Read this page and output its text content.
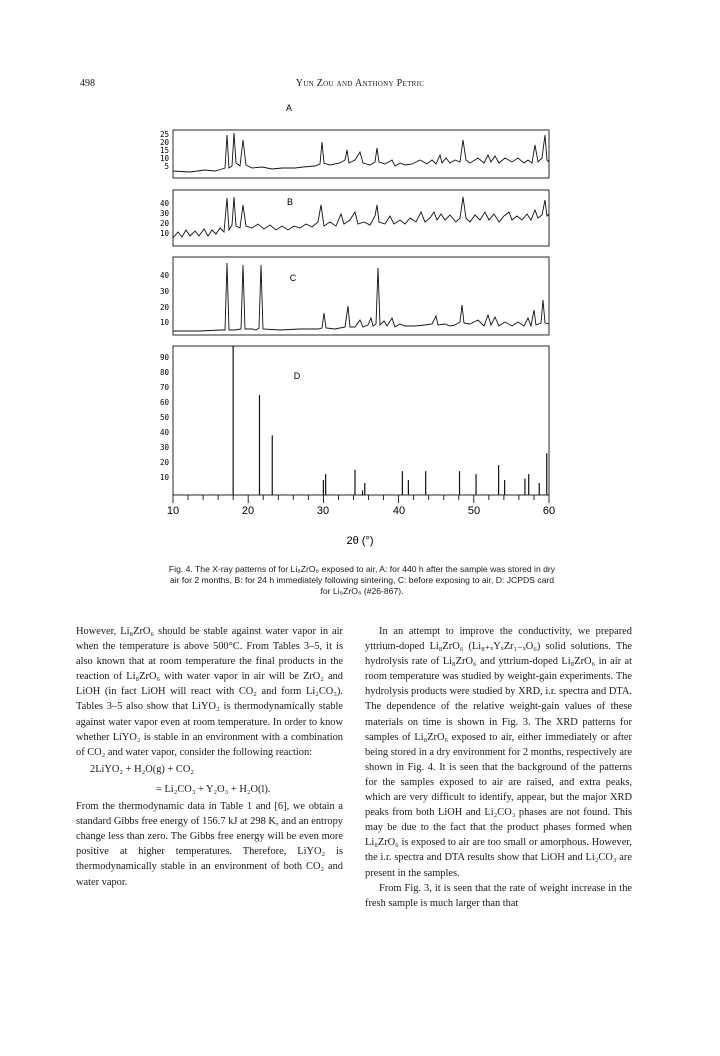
498	Yun Zou and Anthony Petric
A
25
20
15
10
5
B
40
30
20
10
C
40
30
20
10
D
90
80
70
60
50
40
30
20
10
10	20	30	40	50	60
2θ (°)
Fig. 4. The X-ray patterns of for Li₈ZrO₆ exposed to air, A: for 440 h after the sample was stored in dry
air for 2 months, B: for 24 h immediately following sintering, C: before exposing to air, D: JCPDS card
for Li₈ZrO₆ (#26-867).

However, Li₈ZrO₆ should be stable against water vapor in air when the temperature is above 500°C. From Tables 3–5, it is also known that at room temperature the final products in the reaction of Li₈ZrO₆ with water vapor in air will be ZrO₂ and LiOH (in fact LiOH will react with CO₂ and form Li₂CO₃). Tables 3–5 also show that LiYO₂ is thermodynamically stable against water vapor even at room temperature. In order to know whether LiYO₂ is stable in an environment with a combination of CO₂ and water vapor, consider the following reaction:

2LiYO₂ + H₂O(g) + CO₂
= Li₂CO₃ + Y₂O₃ + H₂O(l).

From the thermodynamic data in Table 1 and [6], we obtain a standard Gibbs free energy of 156.7 kJ at 298 K, and an entropy change less than zero. The Gibbs free energy will be even more positive at higher temperatures. Therefore, LiYO₂ is thermodynamically stable in an environment of both CO₂ and water vapor.

In an attempt to improve the conductivity, we prepared yttrium-doped Li₈ZrO₆ (Li₈₊ₓYₓZr₁₋ₓO₆) solid solutions. The hydrolysis rate of Li₈ZrO₆ and yttrium-doped Li₈ZrO₆ in air at room temperature was studied by weight-gain experiments. The hydrolysis products were studied by XRD, i.r. spectra and DTA. The dependence of the relative weight-gain values of these materials on time is shown in Fig. 3. The XRD patterns for samples of Li₈ZrO₆ exposed to air, either immediately or after being stored in a dry environment for 2 months, respectively are shown in Fig. 4. It is seen that the background of the patterns for the samples exposed to air are raised, and extra peaks, which are very difficult to identify, appear, but the major XRD peaks from both LiOH and Li₂CO₃ phases are not found. This may be due to the fact that the product phases formed when Li₈ZrO₆ is exposed to air are too small or amorphous. However, the i.r. spectra and DTA results show that LiOH and Li₂CO₃ are present in the samples.

From Fig. 3, it is seen that the rate of weight increase in the fresh sample is much larger than that
